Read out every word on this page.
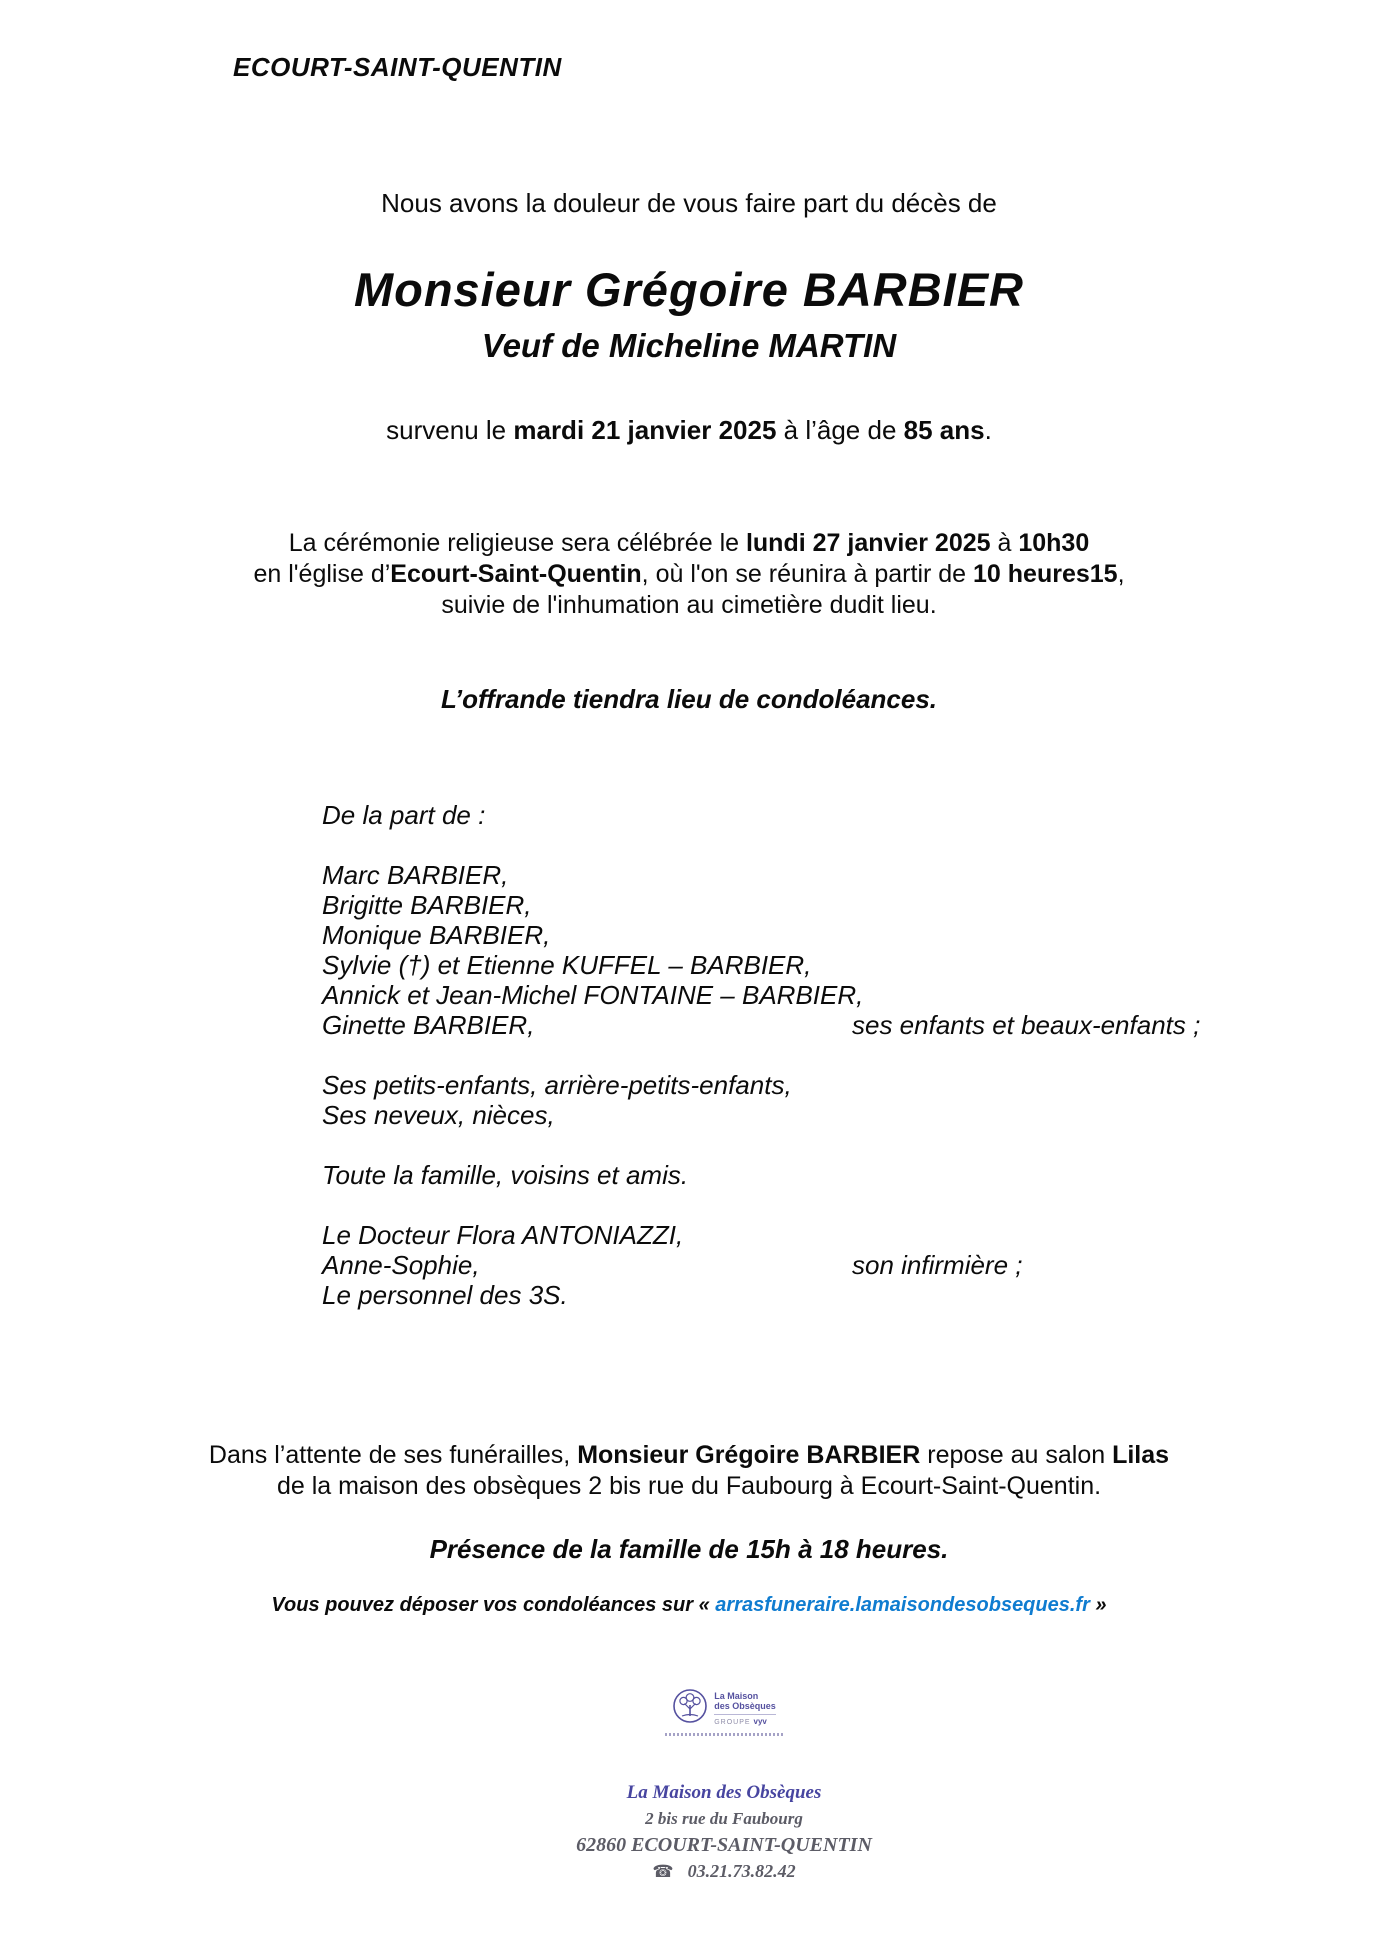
ECOURT-SAINT-QUENTIN
Nous avons la douleur de vous faire part du décès de
Monsieur Grégoire BARBIER
Veuf de Micheline MARTIN
survenu le mardi 21 janvier 2025 à l’âge de 85 ans.
La cérémonie religieuse sera célébrée le lundi 27 janvier 2025 à 10h30
en l'église d’Ecourt-Saint-Quentin, où l'on se réunira à partir de 10 heures15,
suivie de l'inhumation au cimetière dudit lieu.
L’offrande tiendra lieu de condoléances.
De la part de :
Marc BARBIER,
Brigitte BARBIER,
Monique BARBIER,
Sylvie (†) et Etienne KUFFEL – BARBIER,
Annick et Jean-Michel FONTAINE – BARBIER,
Ginette BARBIER,	ses enfants et beaux-enfants ;
Ses petits-enfants, arrière-petits-enfants,
Ses neveux, nièces,
Toute la famille, voisins et amis.
Le Docteur Flora ANTONIAZZI,
Anne-Sophie,	son infirmière ;
Le personnel des 3S.
Dans l’attente de ses funérailles, Monsieur Grégoire BARBIER repose au salon Lilas
de la maison des obsèques 2 bis rue du Faubourg à Ecourt-Saint-Quentin.
Présence de la famille de 15h à 18 heures.
Vous pouvez déposer vos condoléances sur « arrasfuneraire.lamaisondesobseques.fr »
La Maison
des Obsèques
GROUPE vyv
La Maison des Obsèques
2 bis rue du Faubourg
62860 ECOURT-SAINT-QUENTIN
☎ 03.21.73.82.42
